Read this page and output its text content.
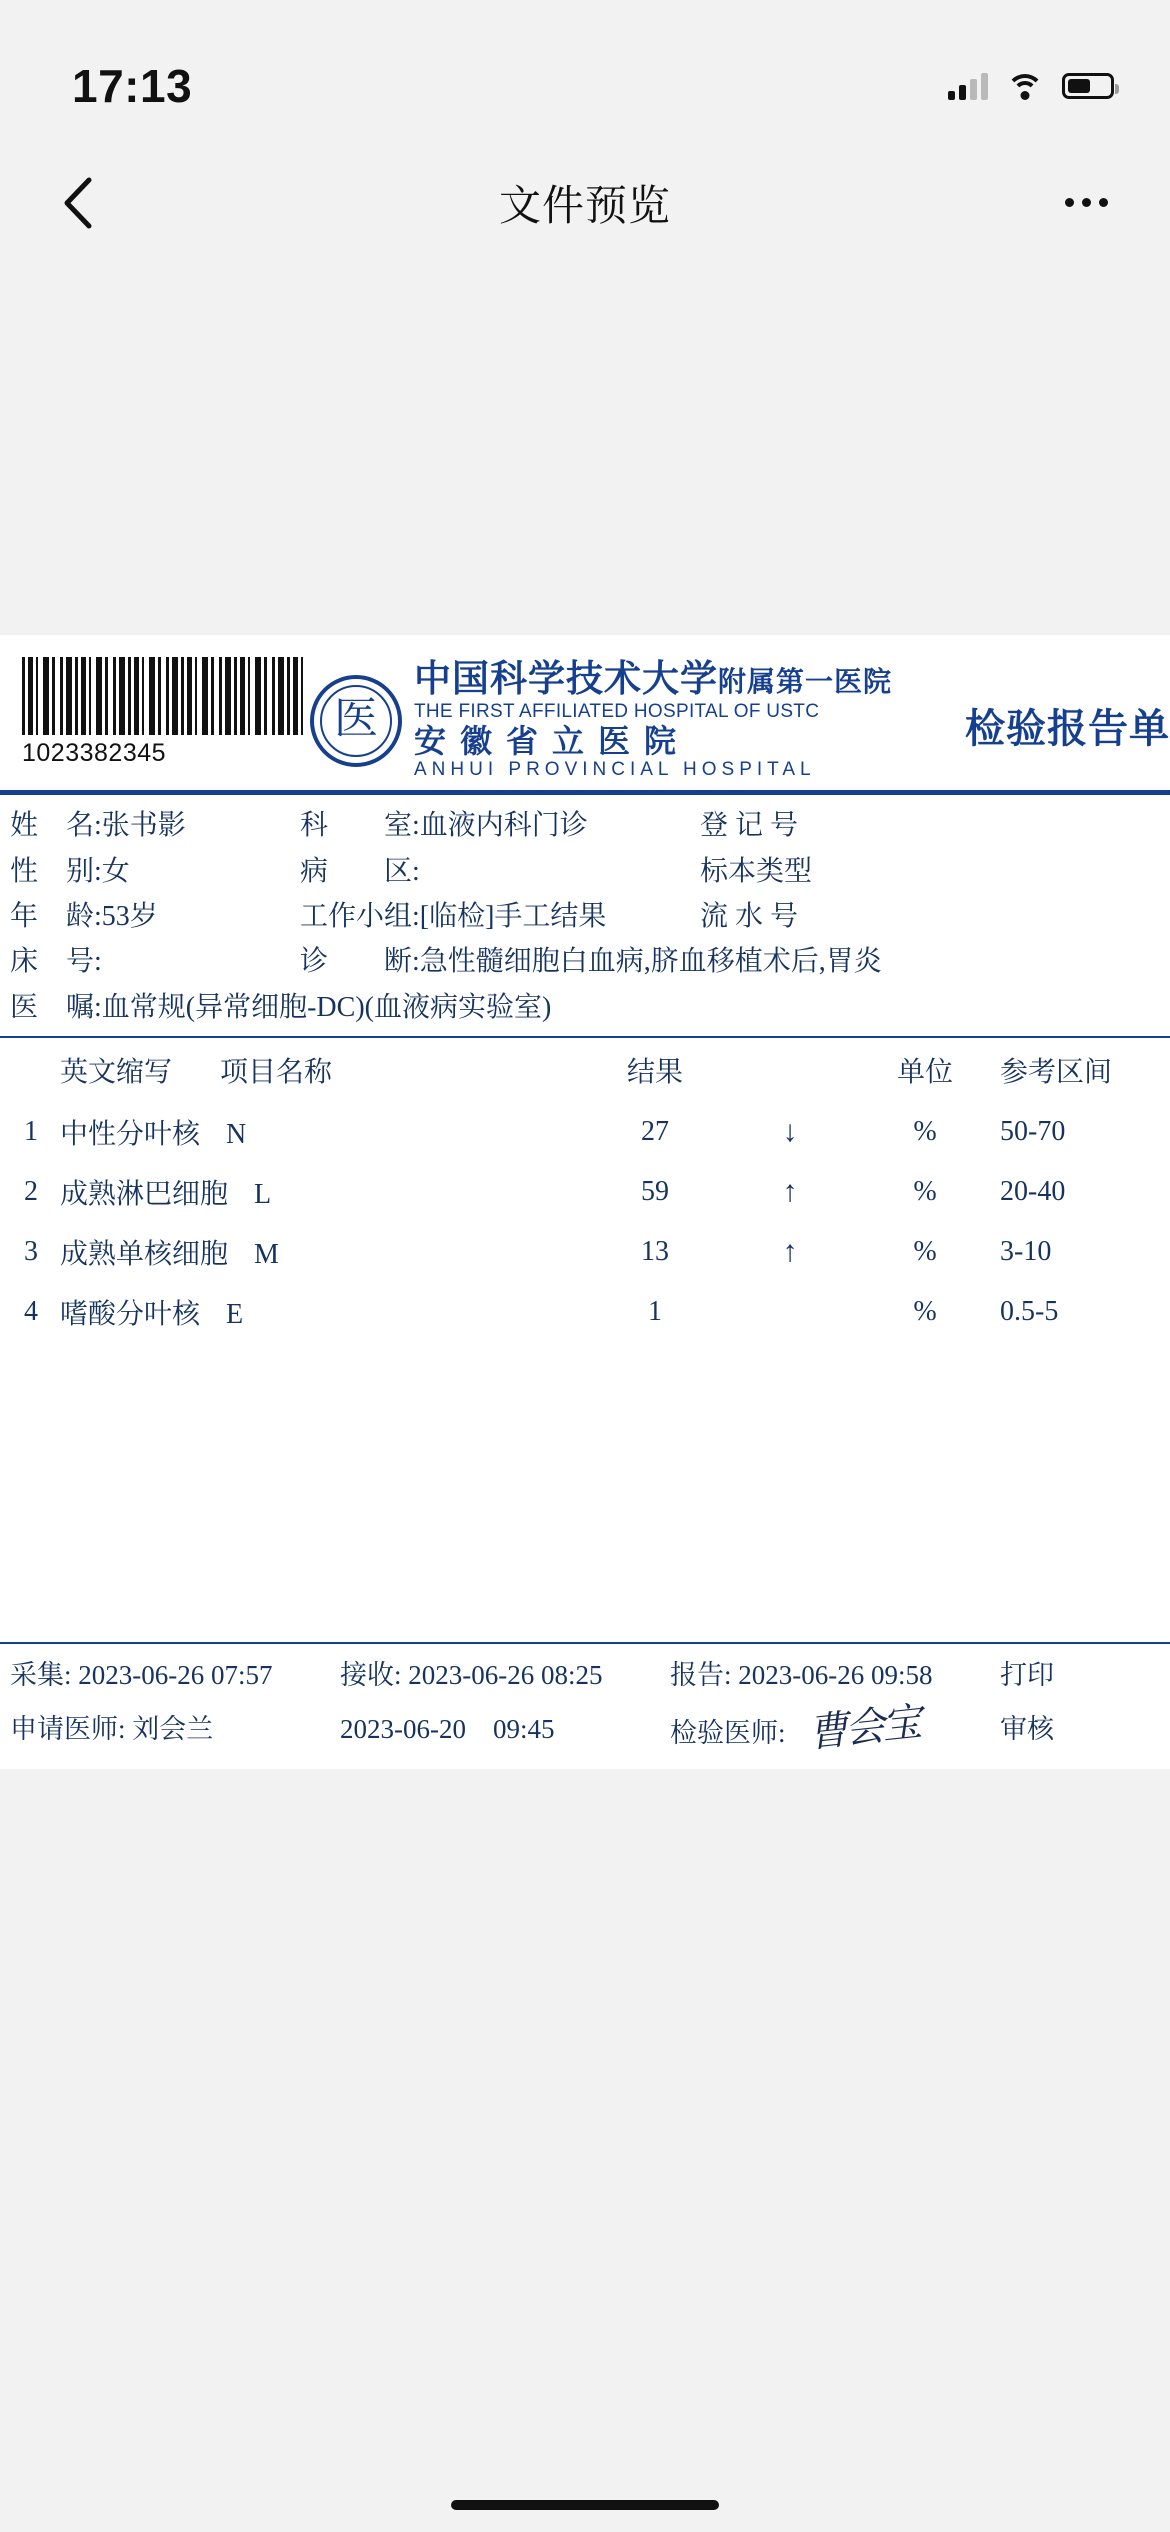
17:13
文件预览
1023382345
医
中国科学技术大学附属第一医院
THE FIRST AFFILIATED HOSPITAL OF USTC
安徽省立医院
ANHUI PROVINCIAL HOSPITAL
检验报告单
姓　名: 张书影	科　　室: 血液内科门诊	登 记 号
性　别: 女	病　　区:	标本类型
年　龄: 53岁	工作小组: [临检]手工结果	流 水 号
床　号:	诊　　断: 急性髓细胞白血病,脐血移植术后,胃炎
医　嘱: 血常规(异常细胞-DC)(血液病实验室)
	英文缩写	项目名称	结果		单位	参考区间
1	中性分叶核 N		27	↓	%	50-70
2	成熟淋巴细胞 L		59	↑	%	20-40
3	成熟单核细胞 M		13	↑	%	3-10
4	嗜酸分叶核 E		1		%	0.5-5
采集: 2023-06-26 07:57	接收: 2023-06-26 08:25	报告: 2023-06-26 09:58	打印
申请医师: 刘会兰	2023-06-20　09:45	检验医师: 曹会宝	审核
